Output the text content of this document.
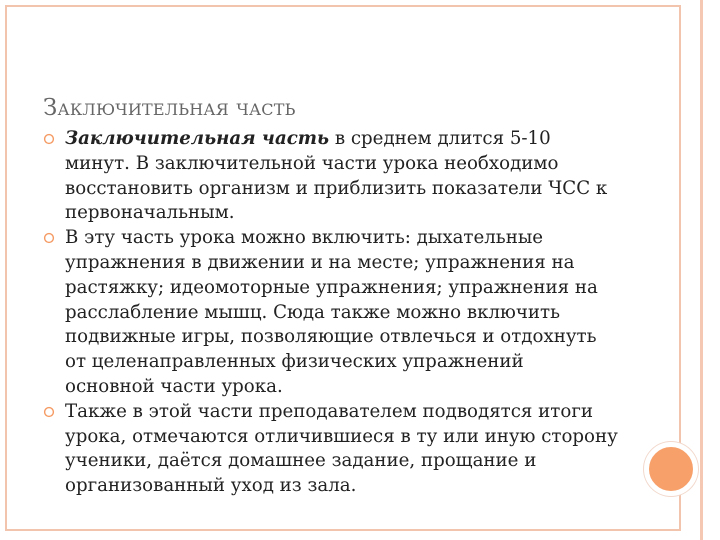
Заключительная часть
Заключительная часть в среднем длится 5-10 минут. В заключительной части урока необходимо восстановить организм и приблизить показатели ЧСС к первоначальным.
В эту часть урока можно включить: дыхательные упражнения в движении и на месте; упражнения на растяжку; идеомоторные упражнения; упражнения на расслабление мышц. Сюда также можно включить подвижные игры, позволяющие отвлечься и отдохнуть от целенаправленных физических упражнений основной части урока.
Также в этой части преподавателем подводятся итоги урока, отмечаются отличившиеся в ту или иную сторону ученики, даётся домашнее задание, прощание и организованный уход из зала.
